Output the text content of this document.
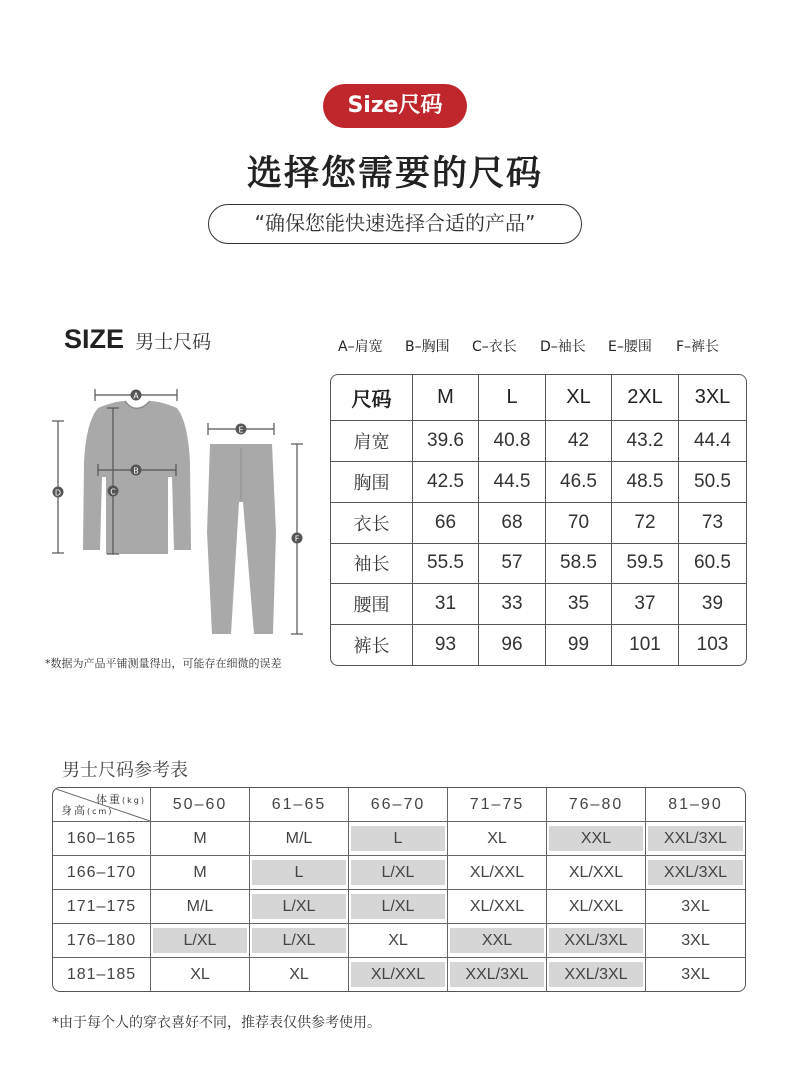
Size尺码
选择您需要的尺码
“确保您能快速选择合适的产品”
SIZE 男士尺码	A–肩宽 B–胸围 C–衣长 D–袖长 E–腰围 F–裤长
A
B
C
D
E
F
尺码	M	L	XL	2XL	3XL
肩宽	39.6	40.8	42	43.2	44.4
胸围	42.5	44.5	46.5	48.5	50.5
衣长	66	68	70	72	73
袖长	55.5	57	58.5	59.5	60.5
腰围	31	33	35	37	39
裤长	93	96	99	101	103
*数据为产品平铺测量得出，可能存在细微的误差
男士尺码参考表
体重(kg)
身高(cm)	50–60	61–65	66–70	71–75	76–80	81–90
160–165	M	M/L	L	XL	XXL	XXL/3XL

166–170	M	L	L/XL	XL/XXL	XL/XXL	XXL/3XL

171–175	M/L	L/XL	L/XL	XL/XXL	XL/XXL	3XL

176–180	L/XL	L/XL	XL	XXL	XXL/3XL	3XL

181–185	XL	XL	XL/XXL	XXL/3XL	XXL/3XL	3XL
*由于每个人的穿衣喜好不同，推荐表仅供参考使用。
